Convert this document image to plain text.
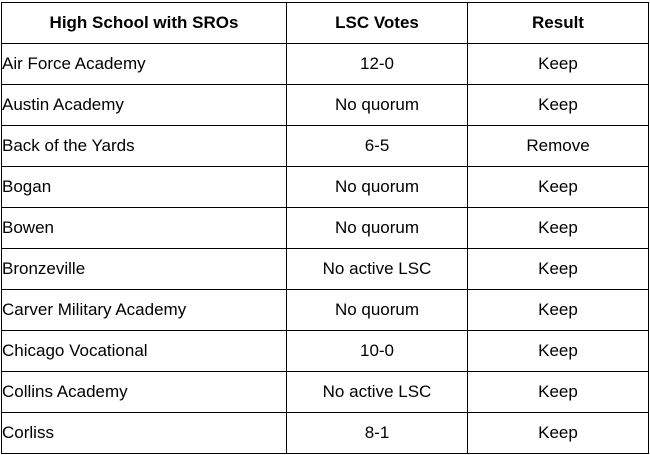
High School with SROs	LSC Votes	Result
Air Force Academy	12-0	Keep
Austin Academy	No quorum	Keep
Back of the Yards	6-5	Remove
Bogan	No quorum	Keep
Bowen	No quorum	Keep
Bronzeville	No active LSC	Keep
Carver Military Academy	No quorum	Keep
Chicago Vocational	10-0	Keep
Collins Academy	No active LSC	Keep
Corliss	8-1	Keep
